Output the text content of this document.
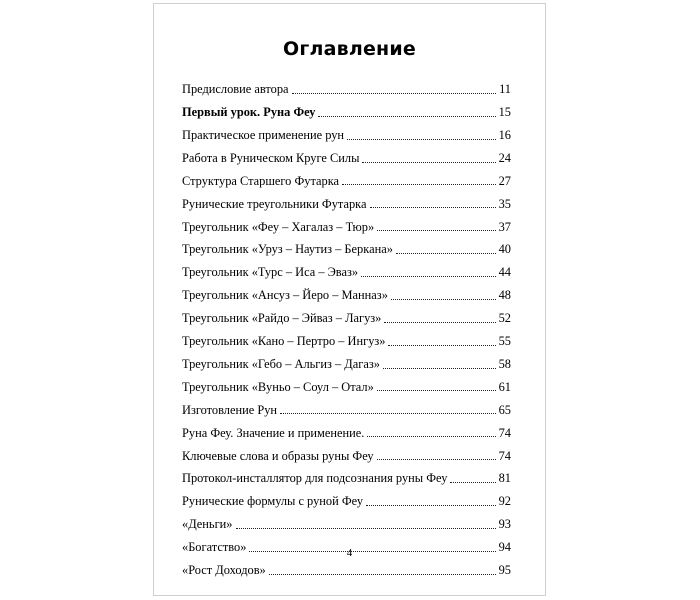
Оглавление
Предисловие автора	11
Первый урок. Руна Феу	15
Практическое применение рун	16
Работа в Руническом Круге Силы	24
Структура Старшего Футарка	27
Рунические треугольники Футарка	35
Треугольник «Феу – Хагалаз – Тюр»	37
Треугольник «Уруз – Наутиз – Беркана»	40
Треугольник «Турс – Иса – Эваз»	44
Треугольник «Ансуз – Йеро – Манназ»	48
Треугольник «Райдо – Эйваз – Лагуз»	52
Треугольник «Кано – Пертро – Ингуз»	55
Треугольник «Гебо – Альгиз – Дагаз»	58
Треугольник «Вуньо – Соул – Отал»	61
Изготовление Рун	65
Руна Феу. Значение и применение.	74
Ключевые слова и образы руны Феу	74
Протокол-инсталлятор для подсознания руны Феу	81
Рунические формулы с руной Феу	92
«Деньги»	93
«Богатство»	94
«Рост Доходов»	95
4
